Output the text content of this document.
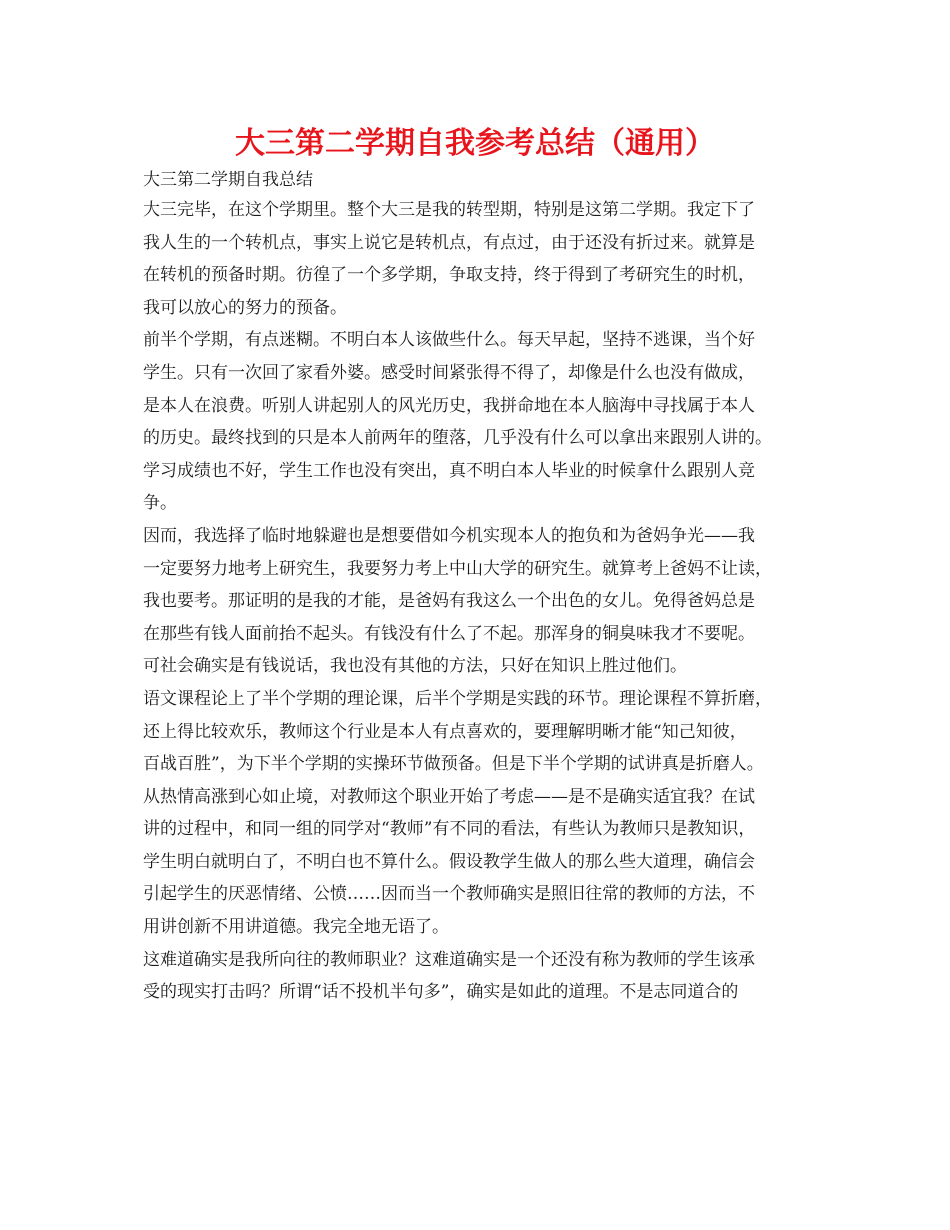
大三第二学期自我参考总结（通用）
大三第二学期自我总结
大三完毕，在这个学期里。整个大三是我的转型期，特别是这第二学期。我定下了
我人生的一个转机点，事实上说它是转机点，有点过，由于还没有折过来。就算是
在转机的预备时期。彷徨了一个多学期，争取支持，终于得到了考研究生的时机，
我可以放心的努力的预备。
前半个学期，有点迷糊。不明白本人该做些什么。每天早起，坚持不逃课，当个好
学生。只有一次回了家看外婆。感受时间紧张得不得了，却像是什么也没有做成，
是本人在浪费。听别人讲起别人的风光历史，我拼命地在本人脑海中寻找属于本人
的历史。最终找到的只是本人前两年的堕落，几乎没有什么可以拿出来跟别人讲的。
学习成绩也不好，学生工作也没有突出，真不明白本人毕业的时候拿什么跟别人竞
争。
因而，我选择了临时地躲避也是想要借如今机实现本人的抱负和为爸妈争光——我
一定要努力地考上研究生，我要努力考上中山大学的研究生。就算考上爸妈不让读，
我也要考。那证明的是我的才能，是爸妈有我这么一个出色的女儿。免得爸妈总是
在那些有钱人面前抬不起头。有钱没有什么了不起。那浑身的铜臭味我才不要呢。
可社会确实是有钱说话，我也没有其他的方法，只好在知识上胜过他们。
语文课程论上了半个学期的理论课，后半个学期是实践的环节。理论课程不算折磨，
还上得比较欢乐，教师这个行业是本人有点喜欢的，要理解明晰才能“知己知彼，
百战百胜”，为下半个学期的实操环节做预备。但是下半个学期的试讲真是折磨人。
从热情高涨到心如止境，对教师这个职业开始了考虑——是不是确实适宜我？在试
讲的过程中，和同一组的同学对“教师”有不同的看法，有些认为教师只是教知识，
学生明白就明白了，不明白也不算什么。假设教学生做人的那么些大道理，确信会
引起学生的厌恶情绪、公愤……因而当一个教师确实是照旧往常的教师的方法，不
用讲创新不用讲道德。我完全地无语了。
这难道确实是我所向往的教师职业？这难道确实是一个还没有称为教师的学生该承
受的现实打击吗？所谓“话不投机半句多”，确实是如此的道理。不是志同道合的
